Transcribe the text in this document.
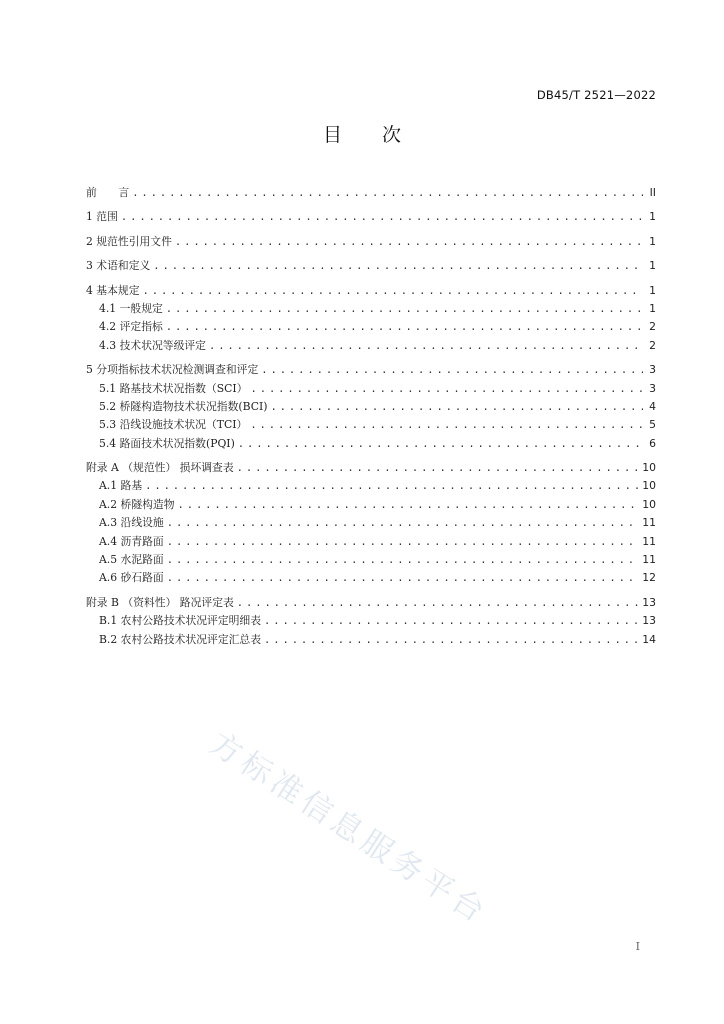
DB45/T 2521—2022
目 次
前　　言 .....	II
1 范围 .....	1
2 规范性引用文件 .....	1
3 术语和定义 .....	1
4 基本规定 .....	1
4.1 一般规定 .....	1
4.2 评定指标 .....	2
4.3 技术状况等级评定 .....	2
5 分项指标技术状况检测调查和评定 .....	3
5.1 路基技术状况指数（SCI） .....	3
5.2 桥隧构造物技术状况指数(BCI) .....	4
5.3 沿线设施技术状况（TCI） .....	5
5.4 路面技术状况指数(PQI) .....	6
附录 A （规范性） 损坏调查表 .....	10
A.1 路基 .....	10
A.2 桥隧构造物 .....	10
A.3 沿线设施 .....	11
A.4 沥青路面 .....	11
A.5 水泥路面 .....	11
A.6 砂石路面 .....	12
附录 B （资料性） 路况评定表 .....	13
B.1 农村公路技术状况评定明细表 .....	13
B.2 农村公路技术状况评定汇总表 .....	14
方标准信息服务平台
I
